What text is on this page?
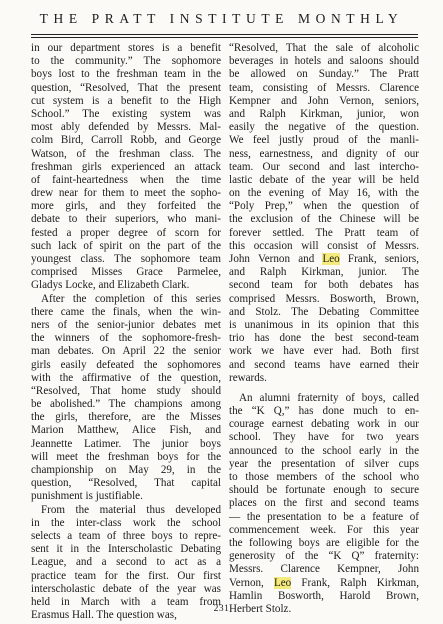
THE PRATT INSTITUTE MONTHLY
in our department stores is a benefit
to the community.” The sophomore
boys lost to the freshman team in the
question, “Resolved, That the present
cut system is a benefit to the High
School.” The existing system was
most ably defended by Messrs. Mal-
colm Bird, Carroll Robb, and George
Watson, of the freshman class. The
freshman girls experienced an attack
of faint-heartedness when the time
drew near for them to meet the sopho-
more girls, and they forfeited the
debate to their superiors, who mani-
fested a proper degree of scorn for
such lack of spirit on the part of the
youngest class. The sophomore team
comprised Misses Grace Parmelee,
Gladys Locke, and Elizabeth Clark.
After the completion of this series
there came the finals, when the win-
ners of the senior-junior debates met
the winners of the sophomore-fresh-
man debates. On April 22 the senior
girls easily defeated the sophomores
with the affirmative of the question,
“Resolved, That home study should
be abolished.” The champions among
the girls, therefore, are the Misses
Marion Matthew, Alice Fish, and
Jeannette Latimer. The junior boys
will meet the freshman boys for the
championship on May 29, in the
question, “Resolved, That capital
punishment is justifiable.
From the material thus developed
in the inter-class work the school
selects a team of three boys to repre-
sent it in the Interscholastic Debating
League, and a second to act as a
practice team for the first. Our first
interscholastic debate of the year was
held in March with a team from
Erasmus Hall. The question was,
“Resolved, That the sale of alcoholic
beverages in hotels and saloons should
be allowed on Sunday.” The Pratt
team, consisting of Messrs. Clarence
Kempner and John Vernon, seniors,
and Ralph Kirkman, junior, won
easily the negative of the question.
We feel justly proud of the manli-
ness, earnestness, and dignity of our
team. Our second and last intercho-
lastic debate of the year will be held
on the evening of May 16, with the
“Poly Prep,” when the question of
the exclusion of the Chinese will be
forever settled. The Pratt team of
this occasion will consist of Messrs.
John Vernon and Leo Frank, seniors,
and Ralph Kirkman, junior. The
second team for both debates has
comprised Messrs. Bosworth, Brown,
and Stolz. The Debating Committee
is unanimous in its opinion that this
trio has done the best second-team
work we have ever had. Both first
and second teams have earned their
rewards.
An alumni fraternity of boys, called
the “K Q,” has done much to en-
courage earnest debating work in our
school. They have for two years
announced to the school early in the
year the presentation of silver cups
to those members of the school who
should be fortunate enough to secure
places on the first and second teams
— the presentation to be a feature of
commencement week. For this year
the following boys are eligible for the
generosity of the “K Q” fraternity:
Messrs. Clarence Kempner, John
Vernon, Leo Frank, Ralph Kirkman,
Hamlin Bosworth, Harold Brown,
Herbert Stolz.
231
